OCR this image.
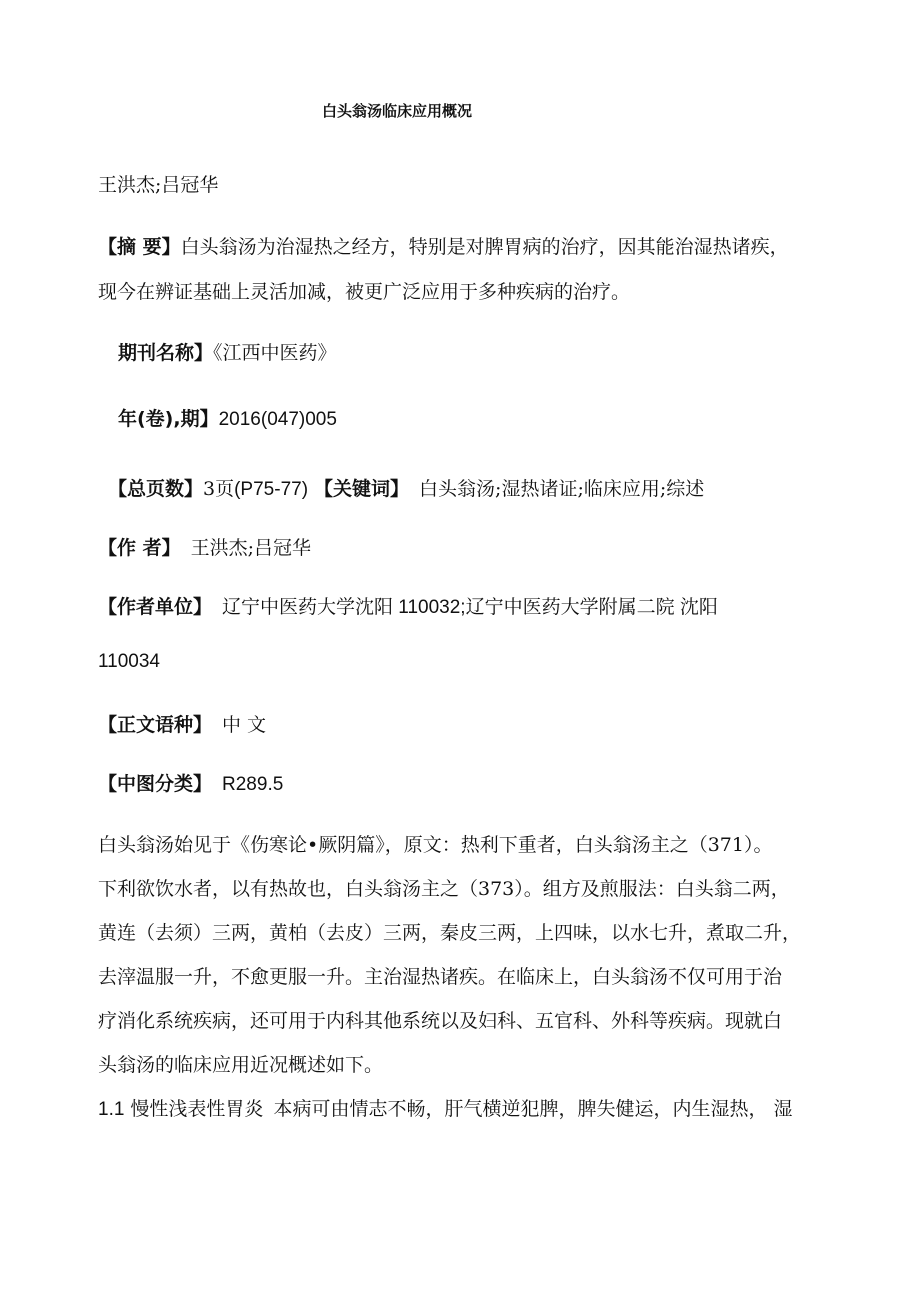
白头翁汤临床应用概况
王洪杰;吕冠华
【摘 要】白头翁汤为治湿热之经方，特别是对脾胃病的治疗，因其能治湿热诸疾，
现今在辨证基础上灵活加减，被更广泛应用于多种疾病的治疗。
期刊名称】《江西中医药》
年(卷),期】2016(047)005
【总页数】3页(P75-77) 【关键词】 白头翁汤;湿热诸证;临床应用;综述
【作 者】 王洪杰;吕冠华
【作者单位】 辽宁中医药大学沈阳 110032;辽宁中医药大学附属二院 沈阳
110034
【正文语种】 中 文
【中图分类】 R289.5
白头翁汤始见于《伤寒论•厥阴篇》，原文：热利下重者，白头翁汤主之（371）。
下利欲饮水者，以有热故也，白头翁汤主之（373）。组方及煎服法：白头翁二两，
黄连（去须）三两，黄柏（去皮）三两，秦皮三两，上四味，以水七升，煮取二升，
去滓温服一升，不愈更服一升。主治湿热诸疾。在临床上，白头翁汤不仅可用于治
疗消化系统疾病，还可用于内科其他系统以及妇科、五官科、外科等疾病。现就白
头翁汤的临床应用近况概述如下。
1.1 慢性浅表性胃炎 本病可由情志不畅，肝气横逆犯脾，脾失健运，内生湿热， 湿
